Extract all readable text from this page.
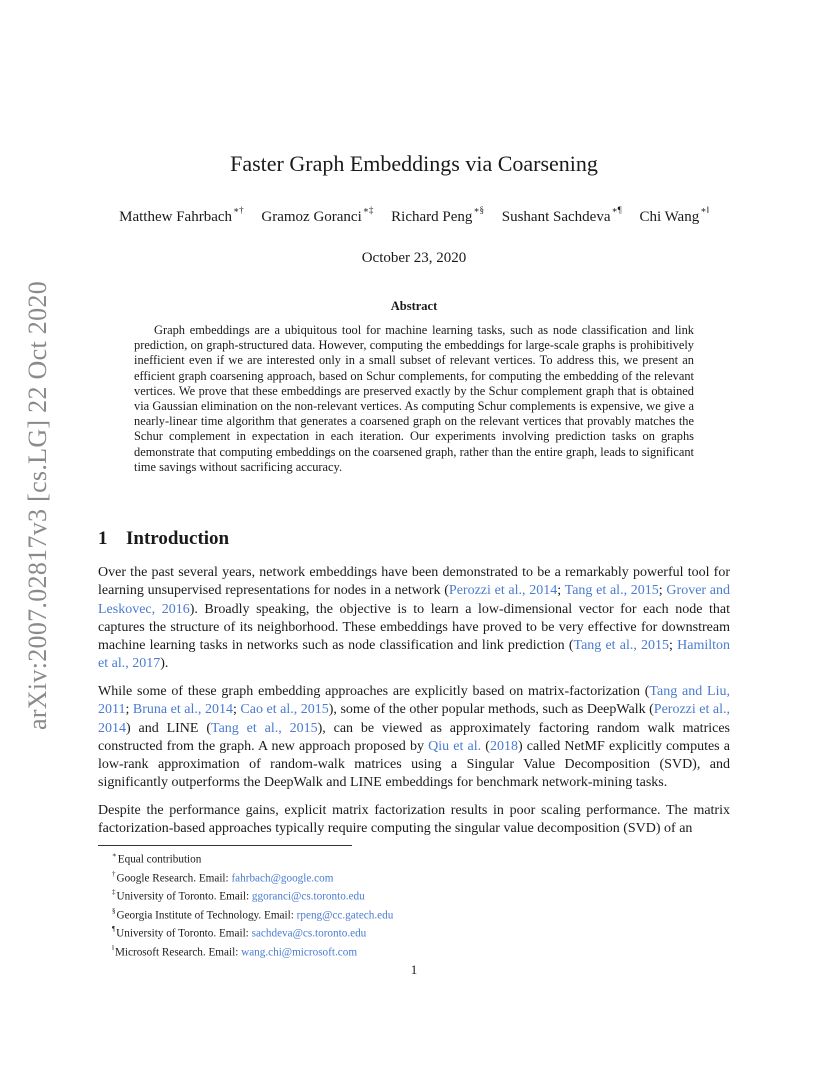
arXiv:2007.02817v3 [cs.LG] 22 Oct 2020
Faster Graph Embeddings via Coarsening
Matthew Fahrbach∗† Gramoz Goranci∗‡ Richard Peng∗§ Sushant Sachdeva∗¶ Chi Wang∗‖
October 23, 2020
Abstract

Graph embeddings are a ubiquitous tool for machine learning tasks, such as node classification and link prediction, on graph-structured data. However, computing the embeddings for large-scale graphs is prohibitively inefficient even if we are interested only in a small subset of relevant vertices. To address this, we present an efficient graph coarsening approach, based on Schur complements, for computing the embedding of the relevant vertices. We prove that these embeddings are preserved exactly by the Schur complement graph that is obtained via Gaussian elimination on the non-relevant vertices. As computing Schur complements is expensive, we give a nearly-linear time algorithm that generates a coarsened graph on the relevant vertices that provably matches the Schur complement in expectation in each iteration. Our experiments involving prediction tasks on graphs demonstrate that computing embeddings on the coarsened graph, rather than the entire graph, leads to significant time savings without sacrificing accuracy.

1 Introduction

Over the past several years, network embeddings have been demonstrated to be a remarkably powerful tool for learning unsupervised representations for nodes in a network (Perozzi et al., 2014; Tang et al., 2015; Grover and Leskovec, 2016). Broadly speaking, the objective is to learn a low-dimensional vector for each node that captures the structure of its neighborhood. These embeddings have proved to be very effective for downstream machine learning tasks in networks such as node classification and link prediction (Tang et al., 2015; Hamilton et al., 2017).

While some of these graph embedding approaches are explicitly based on matrix-factorization (Tang and Liu, 2011; Bruna et al., 2014; Cao et al., 2015), some of the other popular methods, such as DeepWalk (Perozzi et al., 2014) and LINE (Tang et al., 2015), can be viewed as approximately factoring random walk matrices constructed from the graph. A new approach proposed by Qiu et al. (2018) called NetMF explicitly computes a low-rank approximation of random-walk matrices using a Singular Value Decomposition (SVD), and significantly outperforms the DeepWalk and LINE embeddings for benchmark network-mining tasks.

Despite the performance gains, explicit matrix factorization results in poor scaling performance. The matrix factorization-based approaches typically require computing the singular value decomposition (SVD) of an

∗Equal contribution
†Google Research. Email: fahrbach@google.com
‡University of Toronto. Email: ggoranci@cs.toronto.edu
§Georgia Institute of Technology. Email: rpeng@cc.gatech.edu
¶University of Toronto. Email: sachdeva@cs.toronto.edu
‖Microsoft Research. Email: wang.chi@microsoft.com
1
